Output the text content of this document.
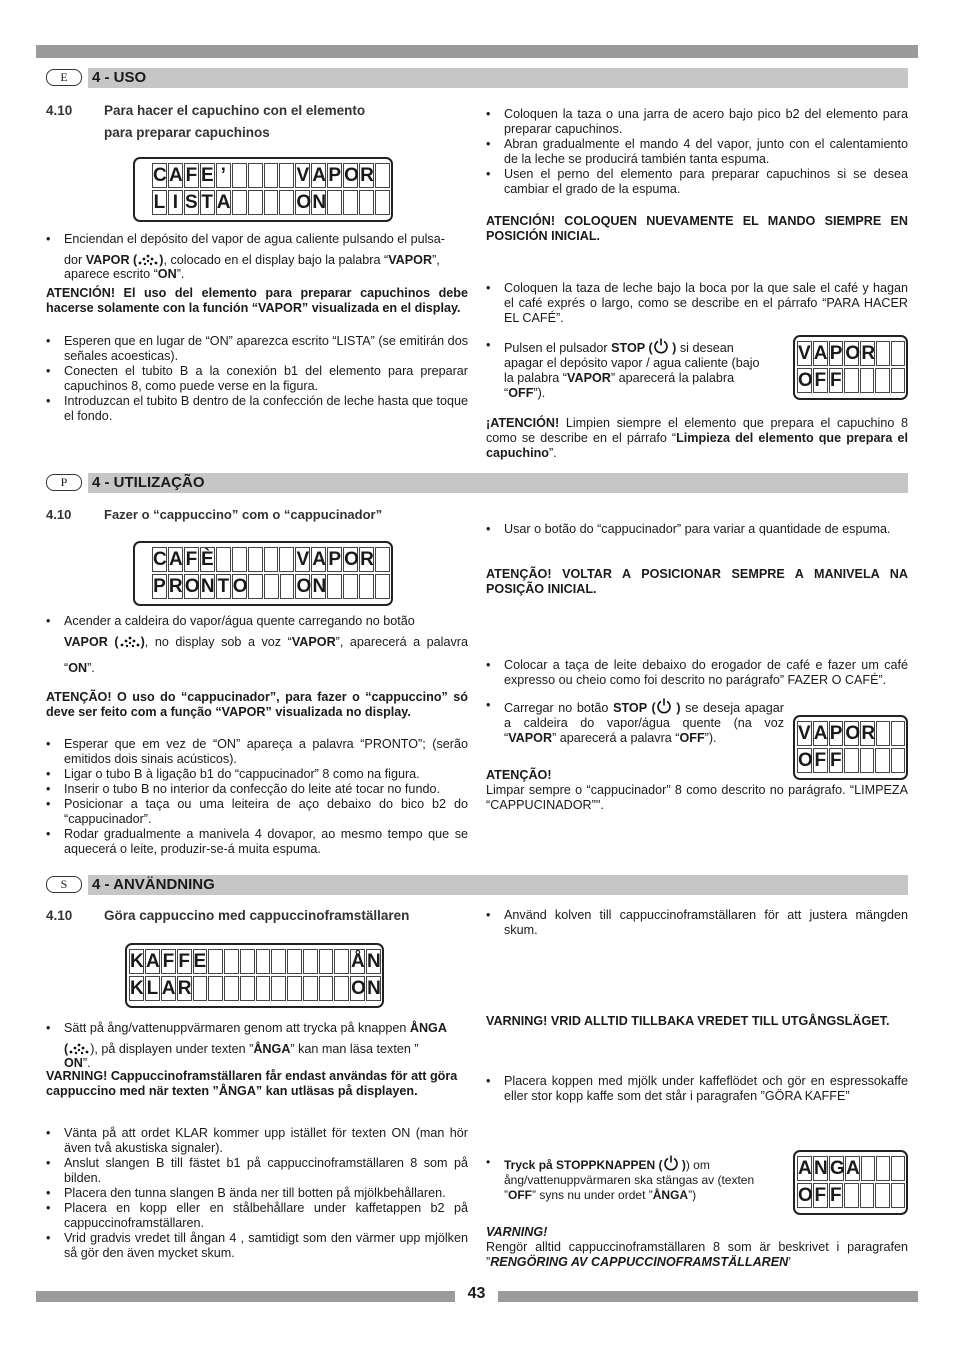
E	4 - USO
4.10 Para hacer el capuchino con el elemento
para preparar capuchinos
C A F E ’	V A P O R
L I S T A	O N
• Enciendan el depósito del vapor de agua caliente pulsando el pulsa-
dor VAPOR ( ), colocado en el display bajo la palabra “VAPOR”,
aparece escrito “ON”.

ATENCIÓN! El uso del elemento para preparar capuchinos debe hacerse solamente con la función “VAPOR” visualizada en el display.

• Esperen que en lugar de “ON” aparezca escrito “LISTA” (se emitirán dos señales acoesticas).
• Conecten el tubito B a la conexión b1 del elemento para preparar capuchinos 8, como puede verse en la figura.
• Introduzcan el tubito B dentro de la confección de leche hasta que toque el fondo.
• Coloquen la taza o una jarra de acero bajo pico b2 del elemento para preparar capuchinos.
• Abran gradualmente el mando 4 del vapor, junto con el calentamiento de la leche se producirá también tanta espuma.
• Usen el perno del elemento para preparar capuchinos si se desea cambiar el grado de la espuma.

ATENCIÓN! COLOQUEN NUEVAMENTE EL MANDO SIEMPRE EN POSICIÓN INICIAL.

• Coloquen la taza de leche bajo la boca por la que sale el café y hagan el café exprés o largo, como se describe en el párrafo “PARA HACER EL CAFÉ”.
• Pulsen el pulsador STOP ( ) si desean apagar el depósito vapor / agua caliente (bajo la palabra “VAPOR” aparecerá la palabra “OFF”).

¡ATENCIÓN! Limpien siempre el elemento que prepara el capuchino 8 como se describe en el párrafo “Limpieza del elemento que prepara el capuchino”.

V A P O R
O F F
P	4 - UTILIZAÇÃO
4.10	Fazer o “cappuccino” com o “cappucinador”
C A F È	V A P O R
P R O N T O	O N
• Acender a caldeira do vapor/água quente carregando no botão
VAPOR ( ), no display sob a voz “VAPOR”, aparecerá a palavra “ON”.

ATENÇÃO! O uso do “cappucinador”, para fazer o “cappuccino” só deve ser feito com a função “VAPOR” visualizada no display.

• Esperar que em vez de “ON” apareça a palavra “PRONTO”; (serão emitidos dois sinais acústicos).
• Ligar o tubo B à ligação b1 do “cappucinador” 8 como na figura.
• Inserir o tubo B no interior da confecção do leite até tocar no fundo.
• Posicionar a taça ou uma leiteira de aço debaixo do bico b2 do “cappucinador”.
• Rodar gradualmente a manivela 4 dovapor, ao mesmo tempo que se aquecerá o leite, produzir-se-á muita espuma.
• Usar o botão do “cappucinador” para variar a quantidade de espuma.

ATENÇÃO! VOLTAR A POSICIONAR SEMPRE A MANIVELA NA POSIÇÃO INICIAL.

• Colocar a taça de leite debaixo do erogador de café e fazer um café expresso ou cheio como foi descrito no parágrafo” FAZER O CAFÉ”.
• Carregar no botão STOP ( ) se deseja apagar a caldeira do vapor/água quente (na voz “VAPOR” aparecerá a palavra “OFF”).

ATENÇÃO!

Limpar sempre o “cappucinador” 8 como descrito no parágrafo. “LIMPEZA “CAPPUCINADOR”".

V A P O R
O F F
S	4 - ANVÄNDNING
4.10 Göra cappuccino med cappuccinoframställaren
K A F F E	Å N
K L A R	O N
• Sätt på ång/vattenuppvärmaren genom att trycka på knappen ÅNGA
( ), på displayen under texten ”ÅNGA” kan man läsa texten ”
ON”.

VARNING! Cappuccinoframställaren får endast användas för att göra cappuccino med när texten ”ÅNGA” kan utläsas på displayen.

• Vänta på att ordet KLAR kommer upp istället för texten ON (man hör även två akustiska signaler).
• Anslut slangen B till fästet b1 på cappuccinoframställaren 8 som på bilden.
• Placera den tunna slangen B ända ner till botten på mjölkbehållaren.
• Placera en kopp eller en stålbehållare under kaffetappen b2 på cappuccinoframställaren.
• Vrid gradvis vredet till ångan 4 , samtidigt som den värmer upp mjölken så gör den även mycket skum.
• Använd kolven till cappuccinoframställaren för att justera mängden skum.

VARNING! VRID ALLTID TILLBAKA VREDET TILL UTGÅNGSLÄGET.

• Placera koppen med mjölk under kaffeflödet och gör en espressokaffe eller stor kopp kaffe som det står i paragrafen ”GÖRA KAFFE”
• Tryck på STOPPKNAPPEN ( )) om ång/vattenuppvärmaren ska stängas av (texten ”OFF” syns nu under ordet ”ÅNGA”)

VARNING!

Rengör alltid cappuccinoframställaren 8 som är beskrivet i paragrafen ”RENGÖRING AV CAPPUCCINOFRAMSTÄLLAREN’

A N G A
O F F
43
